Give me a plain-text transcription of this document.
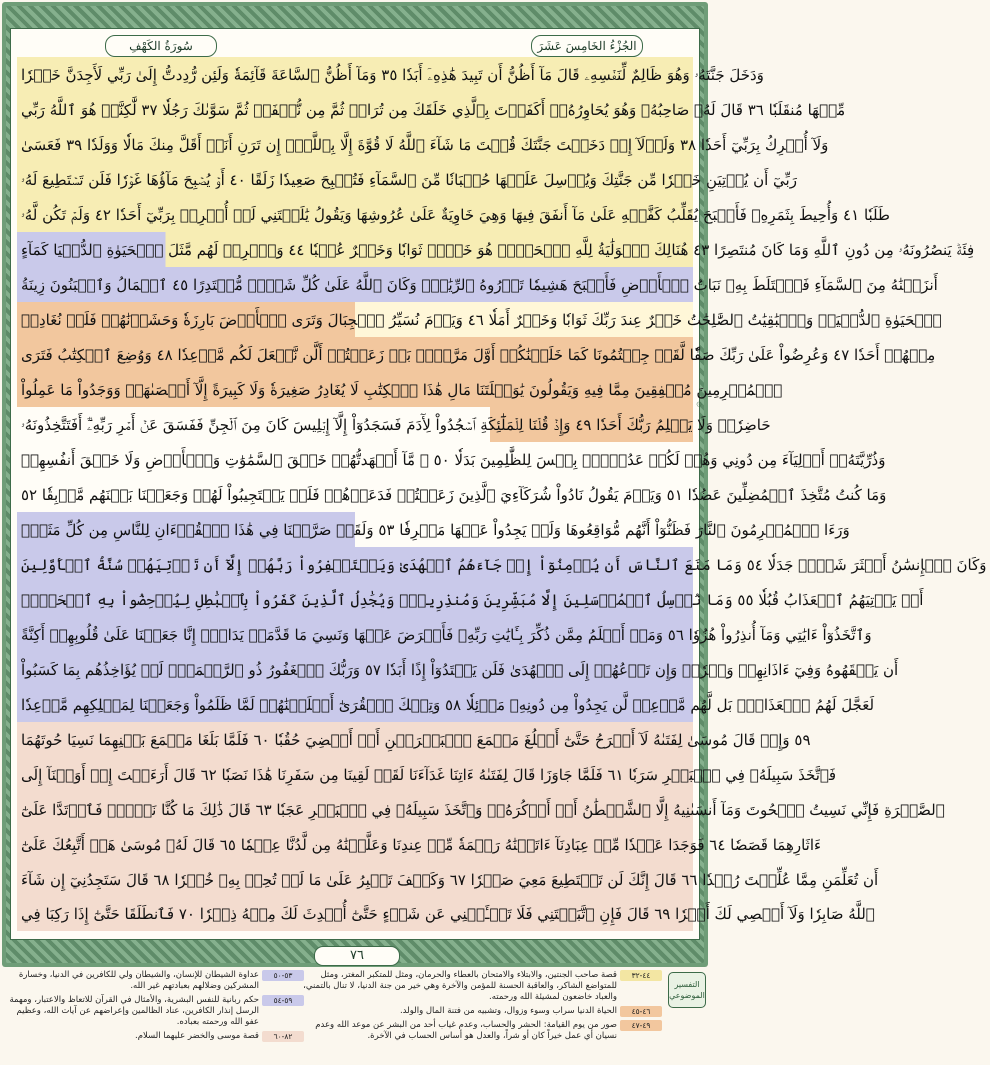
سُورَةُ الكَهْفِ	الجُزْءُ الخَامِسَ عَشَرَ
وَدَخَلَ جَنَّتَهُۥ وَهُوَ ظَالِمٌ لِّنَفۡسِهِۦ قَالَ مَآ أَظُنُّ أَن تَبِيدَ هَٰذِهِۦٓ أَبَدٗا ٣٥ وَمَآ أَظُنُّ ٱلسَّاعَةَ قَآئِمَةٗ وَلَئِن رُّدِدتُّ إِلَىٰ رَبِّي لَأَجِدَنَّ خَيۡرٗا
مِّنۡهَا مُنقَلَبٗا ٣٦ قَالَ لَهُۥ صَاحِبُهُۥ وَهُوَ يُحَاوِرُهُۥٓ أَكَفَرۡتَ بِٱلَّذِي خَلَقَكَ مِن تُرَابٖ ثُمَّ مِن نُّطۡفَةٖ ثُمَّ سَوَّىٰكَ رَجُلٗا ٣٧ لَّٰكِنَّا۠ هُوَ ٱللَّهُ رَبِّي
وَلَآ أُشۡرِكُ بِرَبِّيٓ أَحَدٗا ٣٨ وَلَوۡلَآ إِذۡ دَخَلۡتَ جَنَّتَكَ قُلۡتَ مَا شَآءَ ٱللَّهُ لَا قُوَّةَ إِلَّا بِٱللَّهِۚ إِن تَرَنِ أَنَا۠ أَقَلَّ مِنكَ مَالٗا وَوَلَدٗا ٣٩ فَعَسَىٰ
رَبِّيٓ أَن يُؤۡتِيَنِ خَيۡرٗا مِّن جَنَّتِكَ وَيُرۡسِلَ عَلَيۡهَا حُسۡبَانٗا مِّنَ ٱلسَّمَآءِ فَتُصۡبِحَ صَعِيدٗا زَلَقًا ٤٠ أَوۡ يُصۡبِحَ مَآؤُهَا غَوۡرٗا فَلَن تَسۡتَطِيعَ لَهُۥ
طَلَبٗا ٤١ وَأُحِيطَ بِثَمَرِهِۦ فَأَصۡبَحَ يُقَلِّبُ كَفَّيۡهِ عَلَىٰ مَآ أَنفَقَ فِيهَا وَهِيَ خَاوِيَةٌ عَلَىٰ عُرُوشِهَا وَيَقُولُ يَٰلَيۡتَنِي لَمۡ أُشۡرِكۡ بِرَبِّيٓ أَحَدٗا ٤٢ وَلَمۡ تَكُن لَّهُۥ
فِئَةٞ يَنصُرُونَهُۥ مِن دُونِ ٱللَّهِ وَمَا كَانَ مُنتَصِرًا ٤٣ هُنَالِكَ ٱلۡوَلَٰيَةُ لِلَّهِ ٱلۡحَقِّۚ هُوَ خَيۡرٞ ثَوَابٗا وَخَيۡرٌ عُقۡبٗا ٤٤ وَٱضۡرِبۡ لَهُم مَّثَلَ ٱلۡحَيَوٰةِ ٱلدُّنۡيَا كَمَآءٍ
أَنزَلۡنَٰهُ مِنَ ٱلسَّمَآءِ فَٱخۡتَلَطَ بِهِۦ نَبَاتُ ٱلۡأَرۡضِ فَأَصۡبَحَ هَشِيمٗا تَذۡرُوهُ ٱلرِّيَٰحُۗ وَكَانَ ٱللَّهُ عَلَىٰ كُلِّ شَيۡءٖ مُّقۡتَدِرًا ٤٥ ٱلۡمَالُ وَٱلۡبَنُونَ زِينَةُ
ٱلۡحَيَوٰةِ ٱلدُّنۡيَاۖ وَٱلۡبَٰقِيَٰتُ ٱلصَّٰلِحَٰتُ خَيۡرٌ عِندَ رَبِّكَ ثَوَابٗا وَخَيۡرٌ أَمَلٗا ٤٦ وَيَوۡمَ نُسَيِّرُ ٱلۡجِبَالَ وَتَرَى ٱلۡأَرۡضَ بَارِزَةٗ وَحَشَرۡنَٰهُمۡ فَلَمۡ نُغَادِرۡ
مِنۡهُمۡ أَحَدٗا ٤٧ وَعُرِضُواْ عَلَىٰ رَبِّكَ صَفّٗا لَّقَدۡ جِئۡتُمُونَا كَمَا خَلَقۡنَٰكُمۡ أَوَّلَ مَرَّةِۭۚ بَلۡ زَعَمۡتُمۡ أَلَّن نَّجۡعَلَ لَكُم مَّوۡعِدٗا ٤٨ وَوُضِعَ ٱلۡكِتَٰبُ فَتَرَى
ٱلۡمُجۡرِمِينَ مُشۡفِقِينَ مِمَّا فِيهِ وَيَقُولُونَ يَٰوَيۡلَتَنَا مَالِ هَٰذَا ٱلۡكِتَٰبِ لَا يُغَادِرُ صَغِيرَةٗ وَلَا كَبِيرَةً إِلَّآ أَحۡصَىٰهَاۚ وَوَجَدُواْ مَا عَمِلُواْ
حَاضِرٗاۗ وَلَا يَظۡلِمُ رَبُّكَ أَحَدٗا ٤٩ وَإِذۡ قُلۡنَا لِلۡمَلَٰٓئِكَةِ ٱسۡجُدُواْ لِأٓدَمَ فَسَجَدُوٓاْ إِلَّآ إِبۡلِيسَ كَانَ مِنَ ٱلۡجِنِّ فَفَسَقَ عَنۡ أَمۡرِ رَبِّهِۦٓۗ أَفَتَتَّخِذُونَهُۥ
وَذُرِّيَّتَهُۥٓ أَوۡلِيَآءَ مِن دُونِي وَهُمۡ لَكُمۡ عَدُوُّۢۚ بِئۡسَ لِلظَّٰلِمِينَ بَدَلٗا ٥٠ ۞ مَّآ أَشۡهَدتُّهُمۡ خَلۡقَ ٱلسَّمَٰوَٰتِ وَٱلۡأَرۡضِ وَلَا خَلۡقَ أَنفُسِهِمۡ
وَمَا كُنتُ مُتَّخِذَ ٱلۡمُضِلِّينَ عَضُدٗا ٥١ وَيَوۡمَ يَقُولُ نَادُواْ شُرَكَآءِيَ ٱلَّذِينَ زَعَمۡتُمۡ فَدَعَوۡهُمۡ فَلَمۡ يَسۡتَجِيبُواْ لَهُمۡ وَجَعَلۡنَا بَيۡنَهُم مَّوۡبِقٗا ٥٢
وَرَءَا ٱلۡمُجۡرِمُونَ ٱلنَّارَ فَظَنُّوٓاْ أَنَّهُم مُّوَاقِعُوهَا وَلَمۡ يَجِدُواْ عَنۡهَا مَصۡرِفٗا ٥٣ وَلَقَدۡ صَرَّفۡنَا فِي هَٰذَا ٱلۡقُرۡءَانِ لِلنَّاسِ مِن كُلِّ مَثَلٖۚ
وَكَانَ ٱلۡإِنسَٰنُ أَكۡثَرَ شَيۡءٖ جَدَلٗا ٥٤ وَمَا مَنَعَ ٱلنَّاسَ أَن يُؤۡمِنُوٓاْ إِذۡ جَآءَهُمُ ٱلۡهُدَىٰ وَيَسۡتَغۡفِرُواْ رَبَّهُمۡ إِلَّآ أَن تَأۡتِيَهُمۡ سُنَّةُ ٱلۡأَوَّلِينَ
أَوۡ يَأۡتِيَهُمُ ٱلۡعَذَابُ قُبُلٗا ٥٥ وَمَا نُرۡسِلُ ٱلۡمُرۡسَلِينَ إِلَّا مُبَشِّرِينَ وَمُنذِرِينَۚ وَيُجَٰدِلُ ٱلَّذِينَ كَفَرُواْ بِٱلۡبَٰطِلِ لِيُدۡحِضُواْ بِهِ ٱلۡحَقَّۖ
وَٱتَّخَذُوٓاْ ءَايَٰتِي وَمَآ أُنذِرُواْ هُزُوٗا ٥٦ وَمَنۡ أَظۡلَمُ مِمَّن ذُكِّرَ بِـَٔايَٰتِ رَبِّهِۦ فَأَعۡرَضَ عَنۡهَا وَنَسِيَ مَا قَدَّمَتۡ يَدَاهُۚ إِنَّا جَعَلۡنَا عَلَىٰ قُلُوبِهِمۡ أَكِنَّةً
أَن يَفۡقَهُوهُ وَفِيٓ ءَاذَانِهِمۡ وَقۡرٗاۖ وَإِن تَدۡعُهُمۡ إِلَى ٱلۡهُدَىٰ فَلَن يَهۡتَدُوٓاْ إِذًا أَبَدٗا ٥٧ وَرَبُّكَ ٱلۡغَفُورُ ذُو ٱلرَّحۡمَةِۖ لَوۡ يُؤَاخِذُهُم بِمَا كَسَبُواْ
لَعَجَّلَ لَهُمُ ٱلۡعَذَابَۚ بَل لَّهُم مَّوۡعِدٞ لَّن يَجِدُواْ مِن دُونِهِۦ مَوۡئِلٗا ٥٨ وَتِلۡكَ ٱلۡقُرَىٰٓ أَهۡلَكۡنَٰهُمۡ لَمَّا ظَلَمُواْ وَجَعَلۡنَا لِمَهۡلِكِهِم مَّوۡعِدٗا
٥٩ وَإِذۡ قَالَ مُوسَىٰ لِفَتَىٰهُ لَآ أَبۡرَحُ حَتَّىٰٓ أَبۡلُغَ مَجۡمَعَ ٱلۡبَحۡرَيۡنِ أَوۡ أَمۡضِيَ حُقُبٗا ٦٠ فَلَمَّا بَلَغَا مَجۡمَعَ بَيۡنِهِمَا نَسِيَا حُوتَهُمَا
فَٱتَّخَذَ سَبِيلَهُۥ فِي ٱلۡبَحۡرِ سَرَبٗا ٦١ فَلَمَّا جَاوَزَا قَالَ لِفَتَىٰهُ ءَاتِنَا غَدَآءَنَا لَقَدۡ لَقِينَا مِن سَفَرِنَا هَٰذَا نَصَبٗا ٦٢ قَالَ أَرَءَيۡتَ إِذۡ أَوَيۡنَآ إِلَى
ٱلصَّخۡرَةِ فَإِنِّي نَسِيتُ ٱلۡحُوتَ وَمَآ أَنسَىٰنِيهُ إِلَّا ٱلشَّيۡطَٰنُ أَنۡ أَذۡكُرَهُۥۚ وَٱتَّخَذَ سَبِيلَهُۥ فِي ٱلۡبَحۡرِ عَجَبٗا ٦٣ قَالَ ذَٰلِكَ مَا كُنَّا نَبۡغِۚ فَٱرۡتَدَّا عَلَىٰٓ
ءَاثَارِهِمَا قَصَصٗا ٦٤ فَوَجَدَا عَبۡدٗا مِّنۡ عِبَادِنَآ ءَاتَيۡنَٰهُ رَحۡمَةٗ مِّنۡ عِندِنَا وَعَلَّمۡنَٰهُ مِن لَّدُنَّا عِلۡمٗا ٦٥ قَالَ لَهُۥ مُوسَىٰ هَلۡ أَتَّبِعُكَ عَلَىٰٓ
أَن تُعَلِّمَنِ مِمَّا عُلِّمۡتَ رُشۡدٗا ٦٦ قَالَ إِنَّكَ لَن تَسۡتَطِيعَ مَعِيَ صَبۡرٗا ٦٧ وَكَيۡفَ تَصۡبِرُ عَلَىٰ مَا لَمۡ تُحِطۡ بِهِۦ خُبۡرٗا ٦٨ قَالَ سَتَجِدُنِيٓ إِن شَآءَ
ٱللَّهُ صَابِرٗا وَلَآ أَعۡصِي لَكَ أَمۡرٗا ٦٩ قَالَ فَإِنِ ٱتَّبَعۡتَنِي فَلَا تَسۡـَٔلۡنِي عَن شَيۡءٍ حَتَّىٰٓ أُحۡدِثَ لَكَ مِنۡهُ ذِكۡرٗا ٧٠ فَٱنطَلَقَا حَتَّىٰٓ إِذَا رَكِبَا فِي
۞
٧٦
التفسير الموضوعي
٤٤-٣٢
قصة صاحب الجنتين، والابتلاء والامتحان بالعطاء والحرمان، ومثل للمتكبر المغتر، ومثل للمتواضع الشاكر، والعاقبة الحسنة للمؤمن والآخرة وهي خير من جنة الدنيا، لا تنال بالتمني، والعباد خاضعون لمشيئة الله ورحمته.
٤٦-٤٥
الحياة الدنيا سراب وسوء وزوال، وتشبيه من فتنة المال والولد.
٤٩-٤٧
صور من يوم القيامة: الحشر والحساب، وعدم غياب أحد من البشر عن موعد الله وعدم نسيان أي عمل خيراً كان أو شراً، والعدل هو أساس الحساب في الآخرة.
٥٣-٥٠
عداوة الشيطان للإنسان، والشيطان ولي للكافرين في الدنيا، وخسارة المشركين وضلالهم بعبادتهم غير الله.
٥٩-٥٤
حكم ربانية للنفس البشرية، والأمثال في القرآن للاتعاظ والاعتبار، ومهمة الرسل إنذار الكافرين، عناد الظالمين وإعراضهم عن آيات الله، وعظيم عفو الله ورحمته بعباده.
٨٢-٦٠
قصة موسى والخضر عليهما السلام.
